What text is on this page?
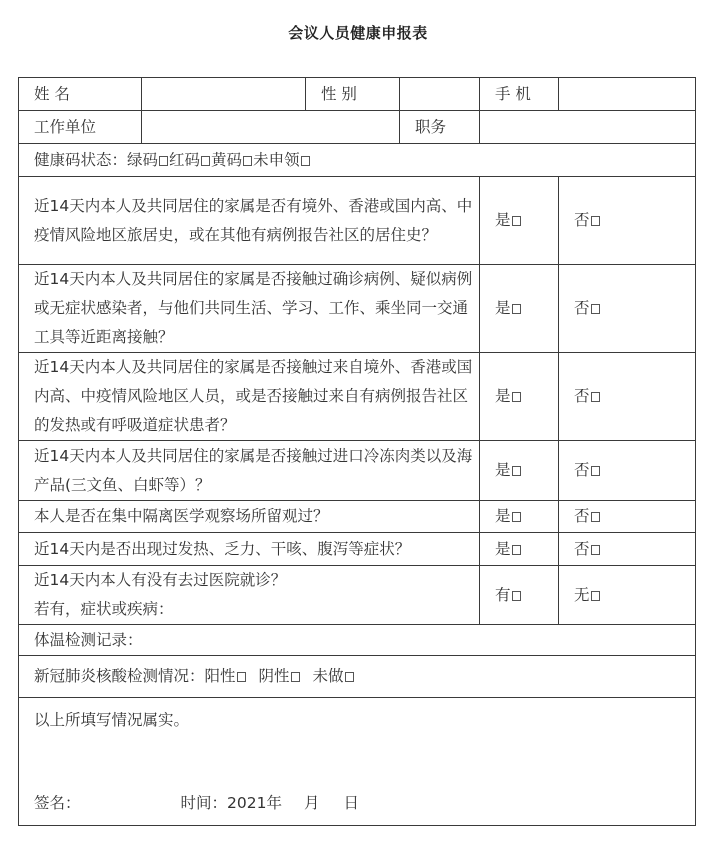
会议人员健康申报表
姓 名		性 别		手 机	
工作单位			职务		
健康码状态：绿码 红码 黄码 未申领					
近14天内本人及共同居住的家属是否有境外、香港或国内高、中疫情风险地区旅居史，或在其他有病例报告社区的居住史？				是	否
近14天内本人及共同居住的家属是否接触过确诊病例、疑似病例或无症状感染者，与他们共同生活、学习、工作、乘坐同一交通工具等近距离接触？				是	否
近14天内本人及共同居住的家属是否接触过来自境外、香港或国内高、中疫情风险地区人员，或是否接触过来自有病例报告社区的发热或有呼吸道症状患者？				是	否
近14天内本人及共同居住的家属是否接触过进口冷冻肉类以及海产品(三文鱼、白虾等）？				是	否
本人是否在集中隔离医学观察场所留观过？				是	否
近14天内是否出现过发热、乏力、干咳、腹泻等症状？				是	否

近14天内本人有没有去过医院就诊？
若有，症状或疾病：				有	无
体温检测记录：					
新冠肺炎核酸检测情况：阳性 阴性 未做					

以上所填写情况属实。
签名： 时间：2021年 月 日					
